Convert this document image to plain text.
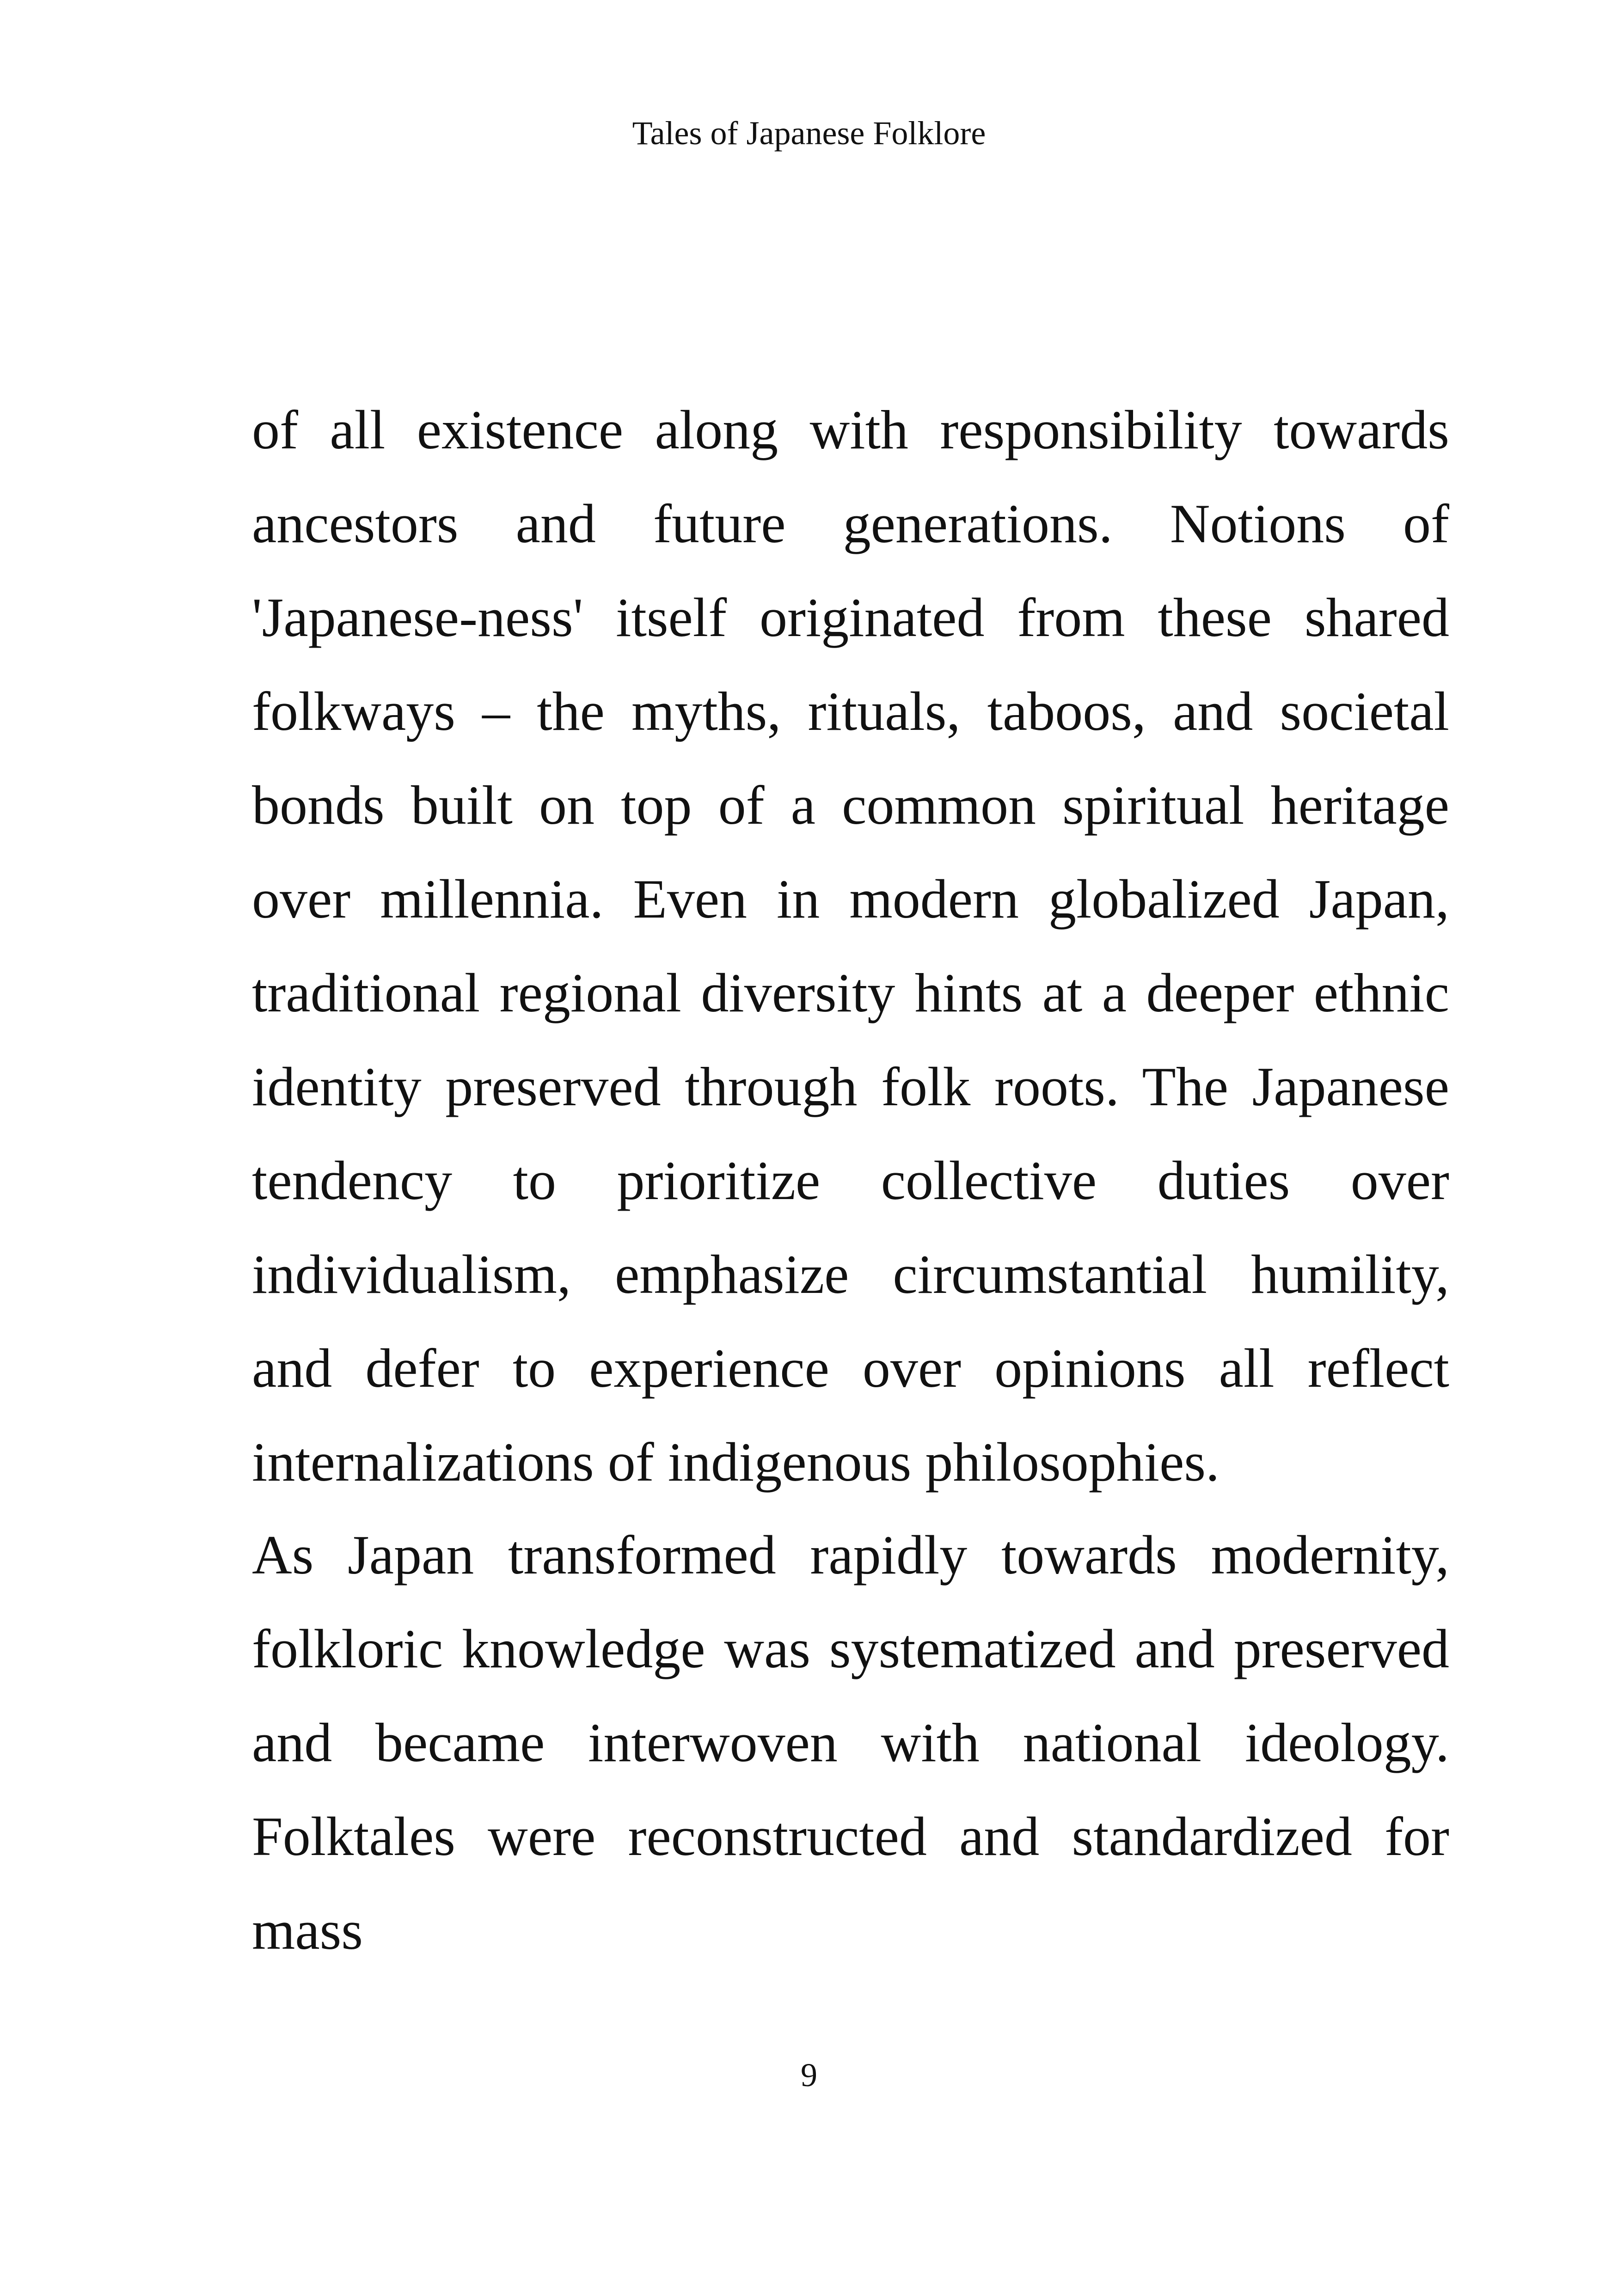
Tales of Japanese Folklore

of all existence along with responsibility towards ancestors and future generations. Notions of 'Japanese-ness' itself originated from these shared folkways – the myths, rituals, taboos, and societal bonds built on top of a common spiritual heritage over millennia. Even in modern globalized Japan, traditional regional diversity hints at a deeper ethnic identity preserved through folk roots. The Japanese tendency to prioritize collective duties over individualism, emphasize circumstantial humility, and defer to experience over opinions all reflect internalizations of indigenous philosophies.

As Japan transformed rapidly towards modernity, folkloric knowledge was systematized and preserved and became interwoven with national ideology. Folktales were reconstructed and standardized for mass

9
